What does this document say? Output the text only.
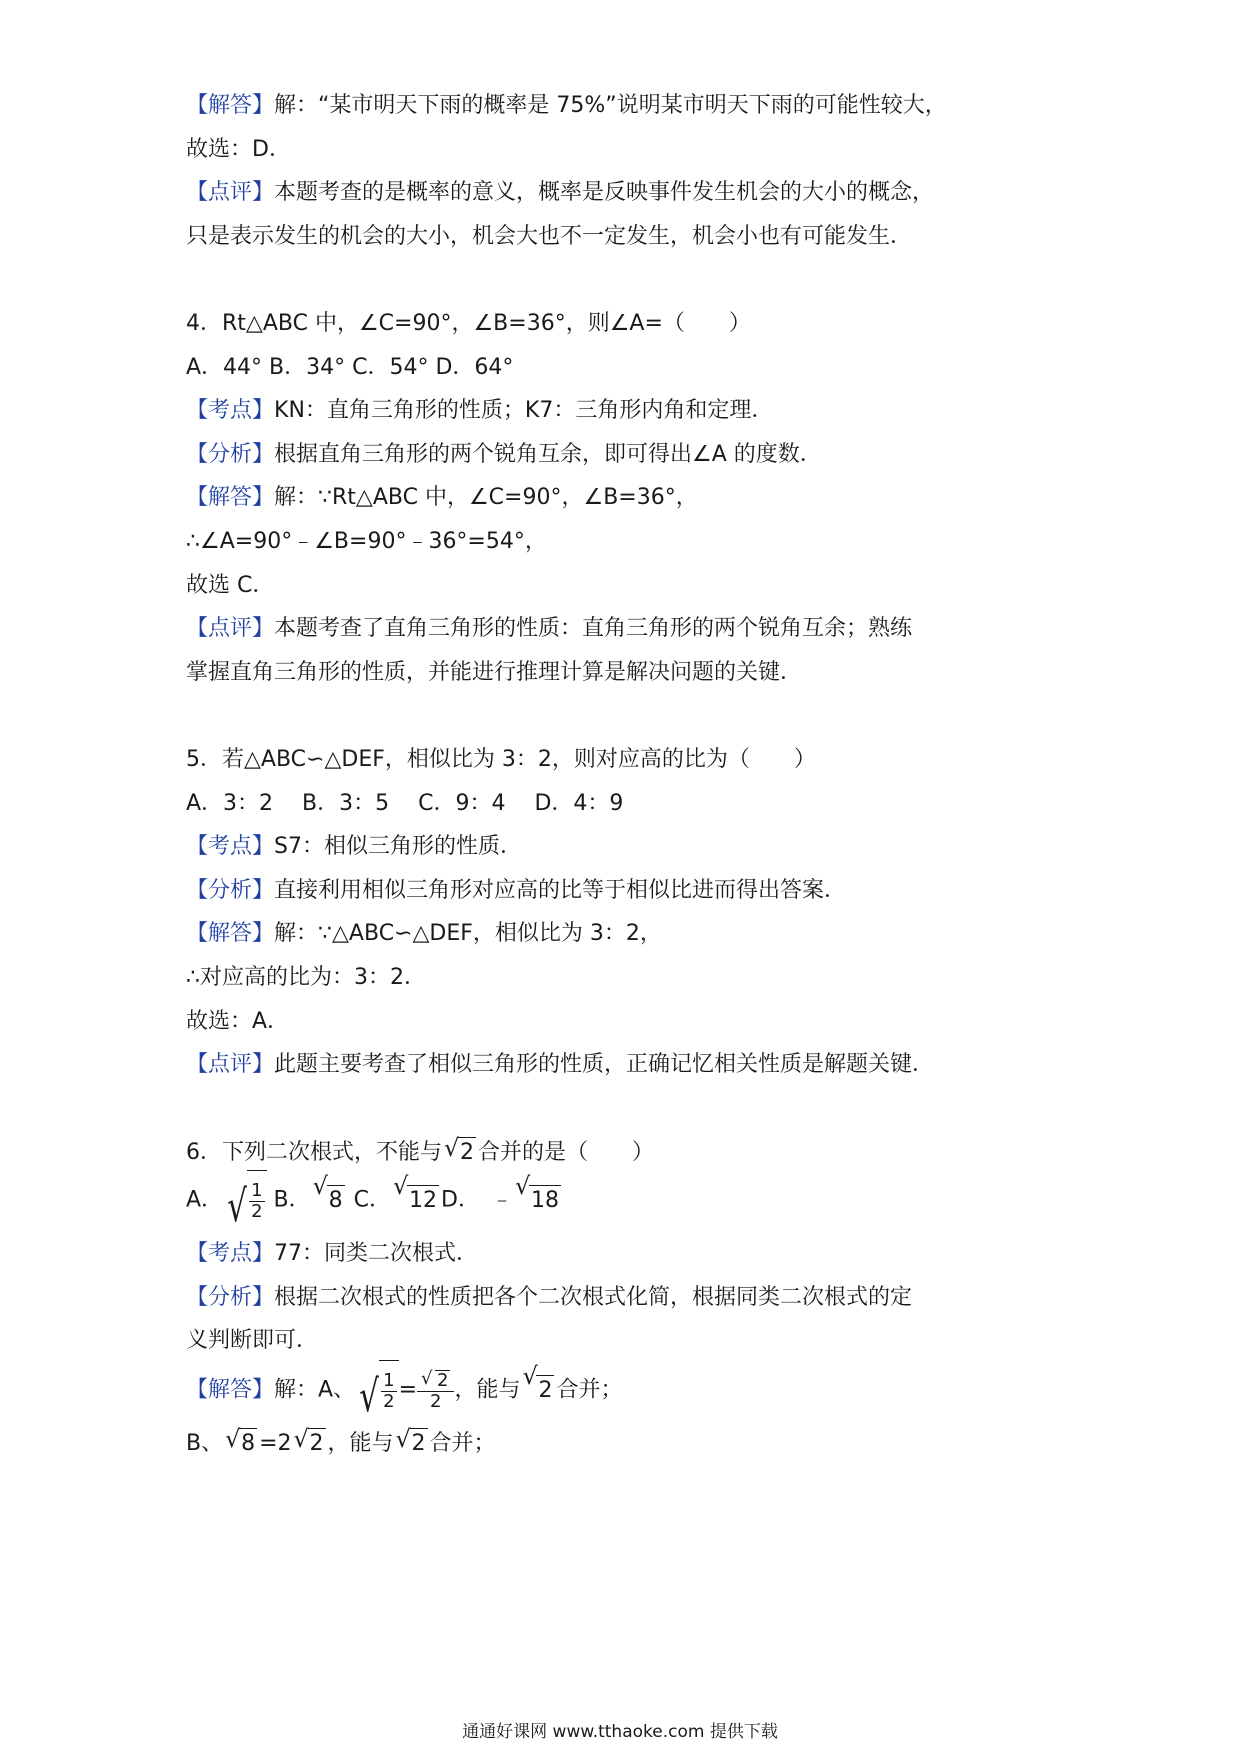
【解答】解：“某市明天下雨的概率是 75%”说明某市明天下雨的可能性较大，
故选：D．
【点评】本题考查的是概率的意义，概率是反映事件发生机会的大小的概念，
只是表示发生的机会的大小，机会大也不一定发生，机会小也有可能发生．
4．Rt△ABC 中，∠C=90°，∠B=36°，则∠A=（　　）
A．44° B．34° C．54° D．64°
【考点】KN：直角三角形的性质；K7：三角形内角和定理．
【分析】根据直角三角形的两个锐角互余，即可得出∠A 的度数．
【解答】解：∵Rt△ABC 中，∠C=90°，∠B=36°，
∴∠A=90°﹣∠B=90°﹣36°=54°，
故选 C．
【点评】本题考查了直角三角形的性质：直角三角形的两个锐角互余；熟练
掌握直角三角形的性质，并能进行推理计算是解决问题的关键．
5．若△ABC∽△DEF，相似比为 3：2，则对应高的比为（　　）
A．3：2　 B．3：5　 C．9：4　 D．4：9
【考点】S7：相似三角形的性质．
【分析】直接利用相似三角形对应高的比等于相似比进而得出答案．
【解答】解：∵△ABC∽△DEF，相似比为 3：2，
∴对应高的比为：3：2．
故选：A．
【点评】此题主要考查了相似三角形的性质，正确记忆相关性质是解题关键．
6．下列二次根式，不能与 √ 2 合并的是（　　）
A． √ $\frac{1}{2}$ B．
√
8 C．
√
12 D．　﹣
√
18
【考点】77：同类二次根式．
【分析】根据二次根式的性质把各个二次根式化简，根据同类二次根式的定
义判断即可．
【解答】解：A、 √ $\frac{1}{2} = \frac{√ 2}{2}$ ，能与
√
2 合并；
B、 √ 8 =2 √ 2 ，能与 √ 2 合并；
通通好课网 www.tthaoke.com 提供下载
